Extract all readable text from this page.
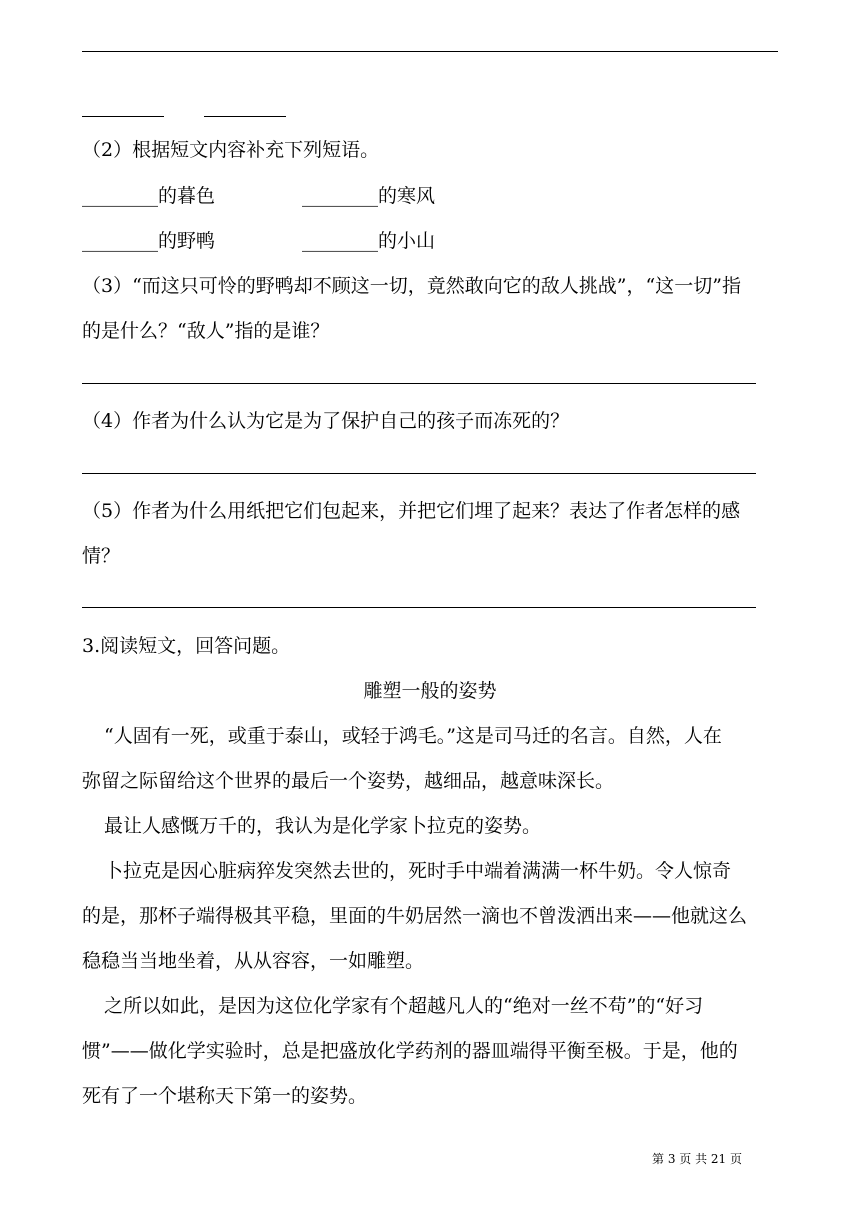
（2）根据短文内容补充下列短语。
________的暮色	________的寒风
________的野鸭	________的小山
（3）“而这只可怜的野鸭却不顾这一切，竟然敢向它的敌人挑战”，“这一切”指
的是什么？“敌人”指的是谁？
（4）作者为什么认为它是为了保护自己的孩子而冻死的？
（5）作者为什么用纸把它们包起来，并把它们埋了起来？表达了作者怎样的感
情？
3.阅读短文，回答问题。
雕塑一般的姿势
“人固有一死，或重于泰山，或轻于鸿毛。”这是司马迁的名言。自然，人在
弥留之际留给这个世界的最后一个姿势，越细品，越意味深长。
最让人感慨万千的，我认为是化学家卜拉克的姿势。
卜拉克是因心脏病猝发突然去世的，死时手中端着满满一杯牛奶。令人惊奇
的是，那杯子端得极其平稳，里面的牛奶居然一滴也不曾泼洒出来——他就这么
稳稳当当地坐着，从从容容，一如雕塑。
之所以如此，是因为这位化学家有个超越凡人的“绝对一丝不苟”的“好习
惯”——做化学实验时，总是把盛放化学药剂的器皿端得平衡至极。于是，他的
死有了一个堪称天下第一的姿势。
第 3 页 共 21 页
